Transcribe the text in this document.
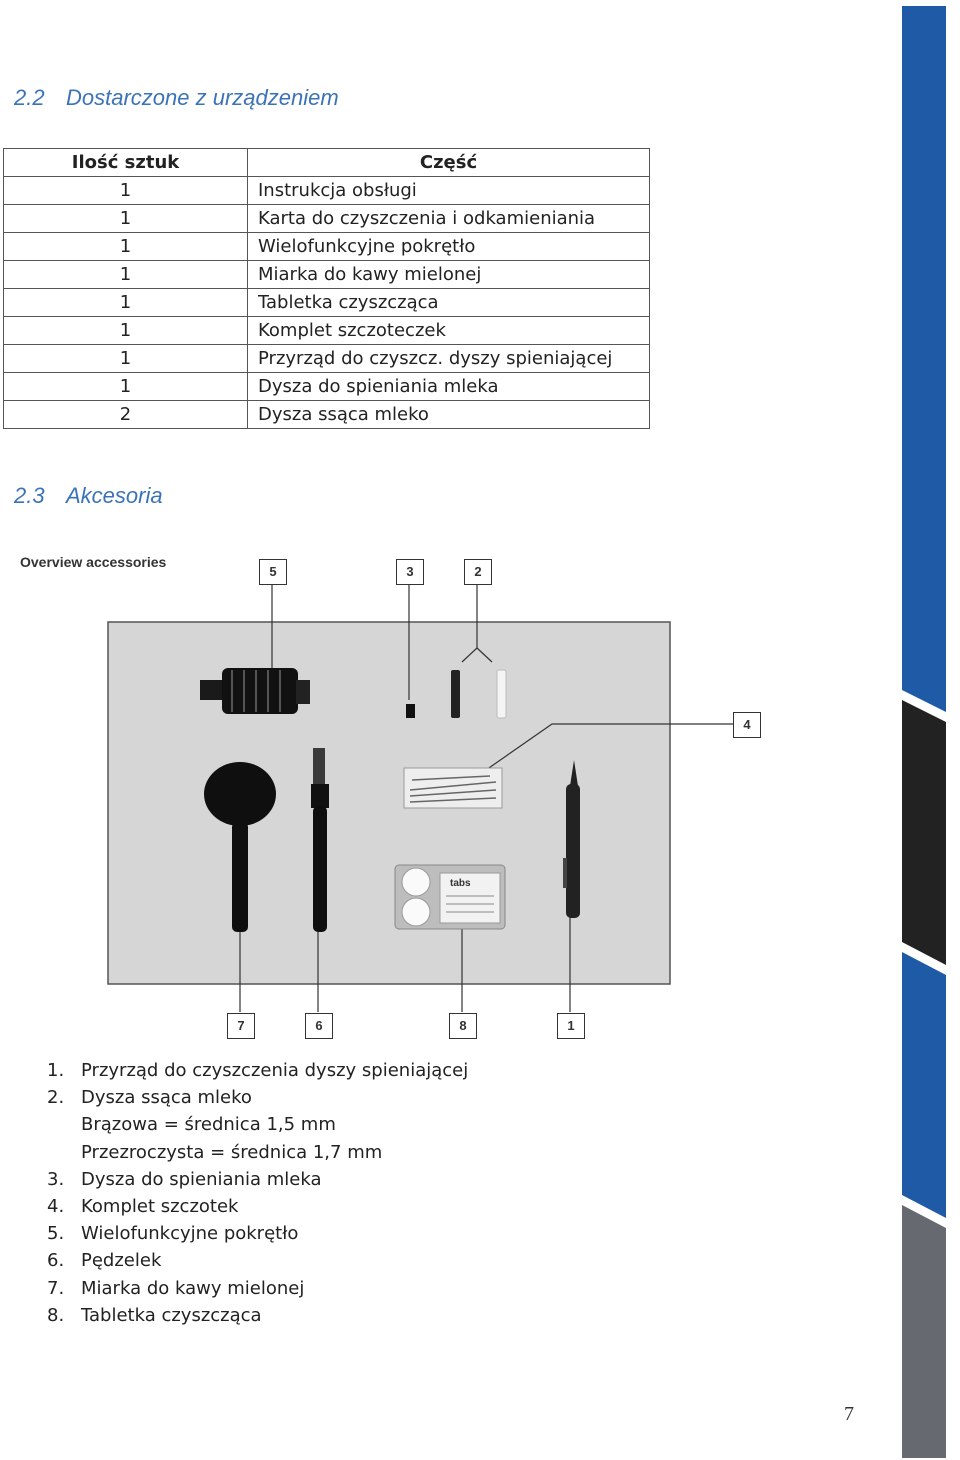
2.2 Dostarczone z urządzeniem
Ilość sztuk	Część
1	Instrukcja obsługi
1	Karta do czyszczenia i odkamieniania
1	Wielofunkcyjne pokrętło
1	Miarka do kawy mielonej
1	Tabletka czyszcząca
1	Komplet szczoteczek
1	Przyrząd do czyszcz. dyszy spieniającej
1	Dysza do spieniania mleka
2	Dysza ssąca mleko
2.3 Akcesoria
Overview accessories
tabs
5	3	2
4
7	6	8	1
1. Przyrząd do czyszczenia dyszy spieniającej
2. Dysza ssąca mleko
Brązowa = średnica 1,5 mm
Przezroczysta = średnica 1,7 mm
3. Dysza do spieniania mleka
4. Komplet szczotek
5. Wielofunkcyjne pokrętło
6. Pędzelek
7. Miarka do kawy mielonej
8. Tabletka czyszcząca
7
